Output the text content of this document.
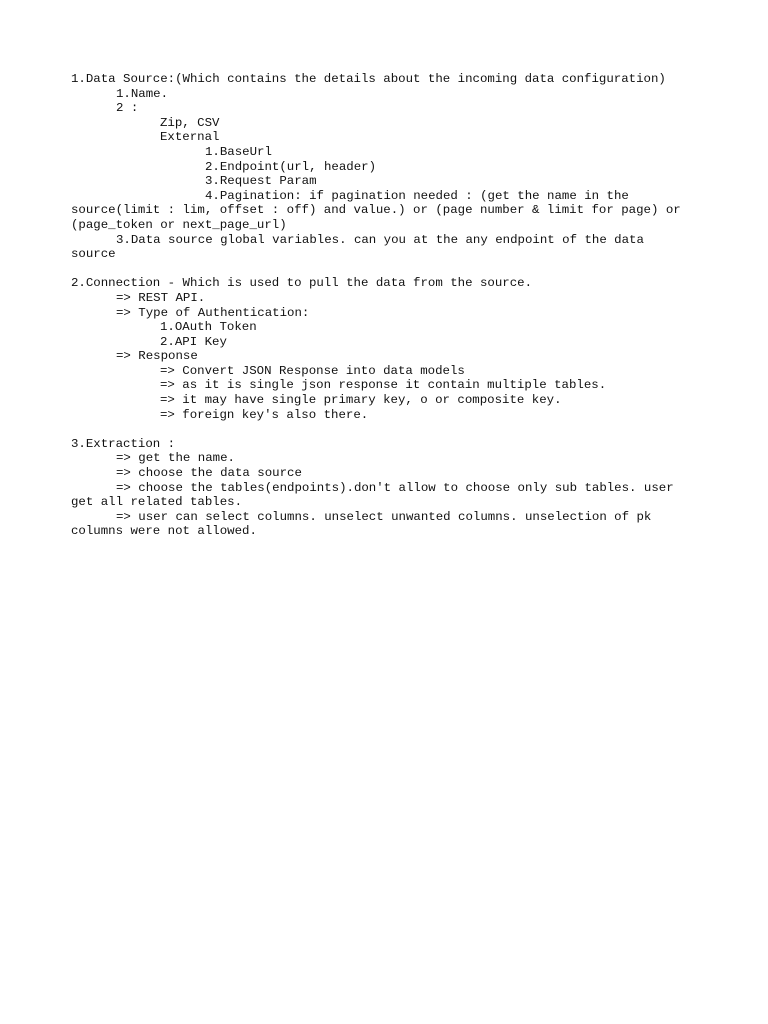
1.Data Source:(Which contains the details about the incoming data configuration)
1.Name.
2 :
Zip, CSV
External
1.BaseUrl
2.Endpoint(url, header)
3.Request Param
4.Pagination: if pagination needed : (get the name in the
source(limit : lim, offset : off) and value.) or (page number & limit for page) or
(page_token or next_page_url)
3.Data source global variables. can you at the any endpoint of the data
source
2.Connection - Which is used to pull the data from the source.
=> REST API.
=> Type of Authentication:
1.OAuth Token
2.API Key
=> Response
=> Convert JSON Response into data models
=> as it is single json response it contain multiple tables.
=> it may have single primary key, o or composite key.
=> foreign key's also there.
3.Extraction :
=> get the name.
=> choose the data source
=> choose the tables(endpoints).don't allow to choose only sub tables. user
get all related tables.
=> user can select columns. unselect unwanted columns. unselection of pk
columns were not allowed.
